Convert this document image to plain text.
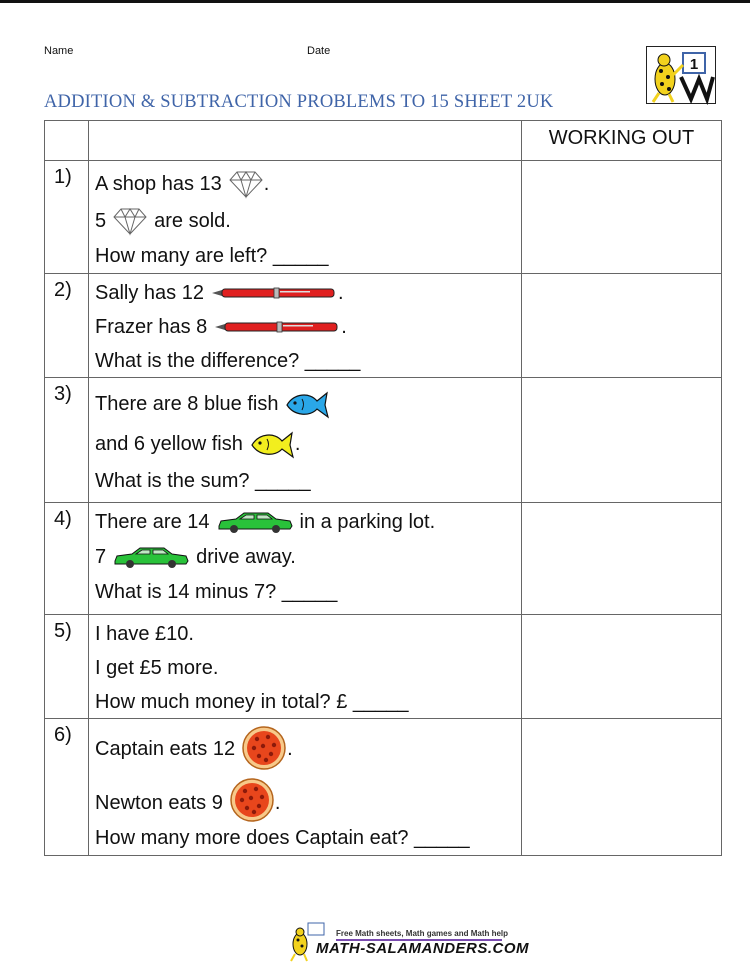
Name	Date
1
ADDITION & SUBTRACTION PROBLEMS TO 15 SHEET 2UK
WORKING OUT
1)	A shop has 13 .
5 are sold.
How many are left? _____
2)	Sally has 12	.
Frazer has 8	.
What is the difference? _____
3)	There are 8 blue fish
and 6 yellow fish	.
What is the sum? _____
4)	There are 14	in a parking lot.
7	drive away.
What is 14 minus 7? _____
5)	I have £10.
I get £5 more.
How much money in total? £ _____
6)
Captain eats 12	.
Newton eats 9	.
How many more does Captain eat? _____
Free Math sheets, Math games and Math help
MATH-SALAMANDERS.COM
